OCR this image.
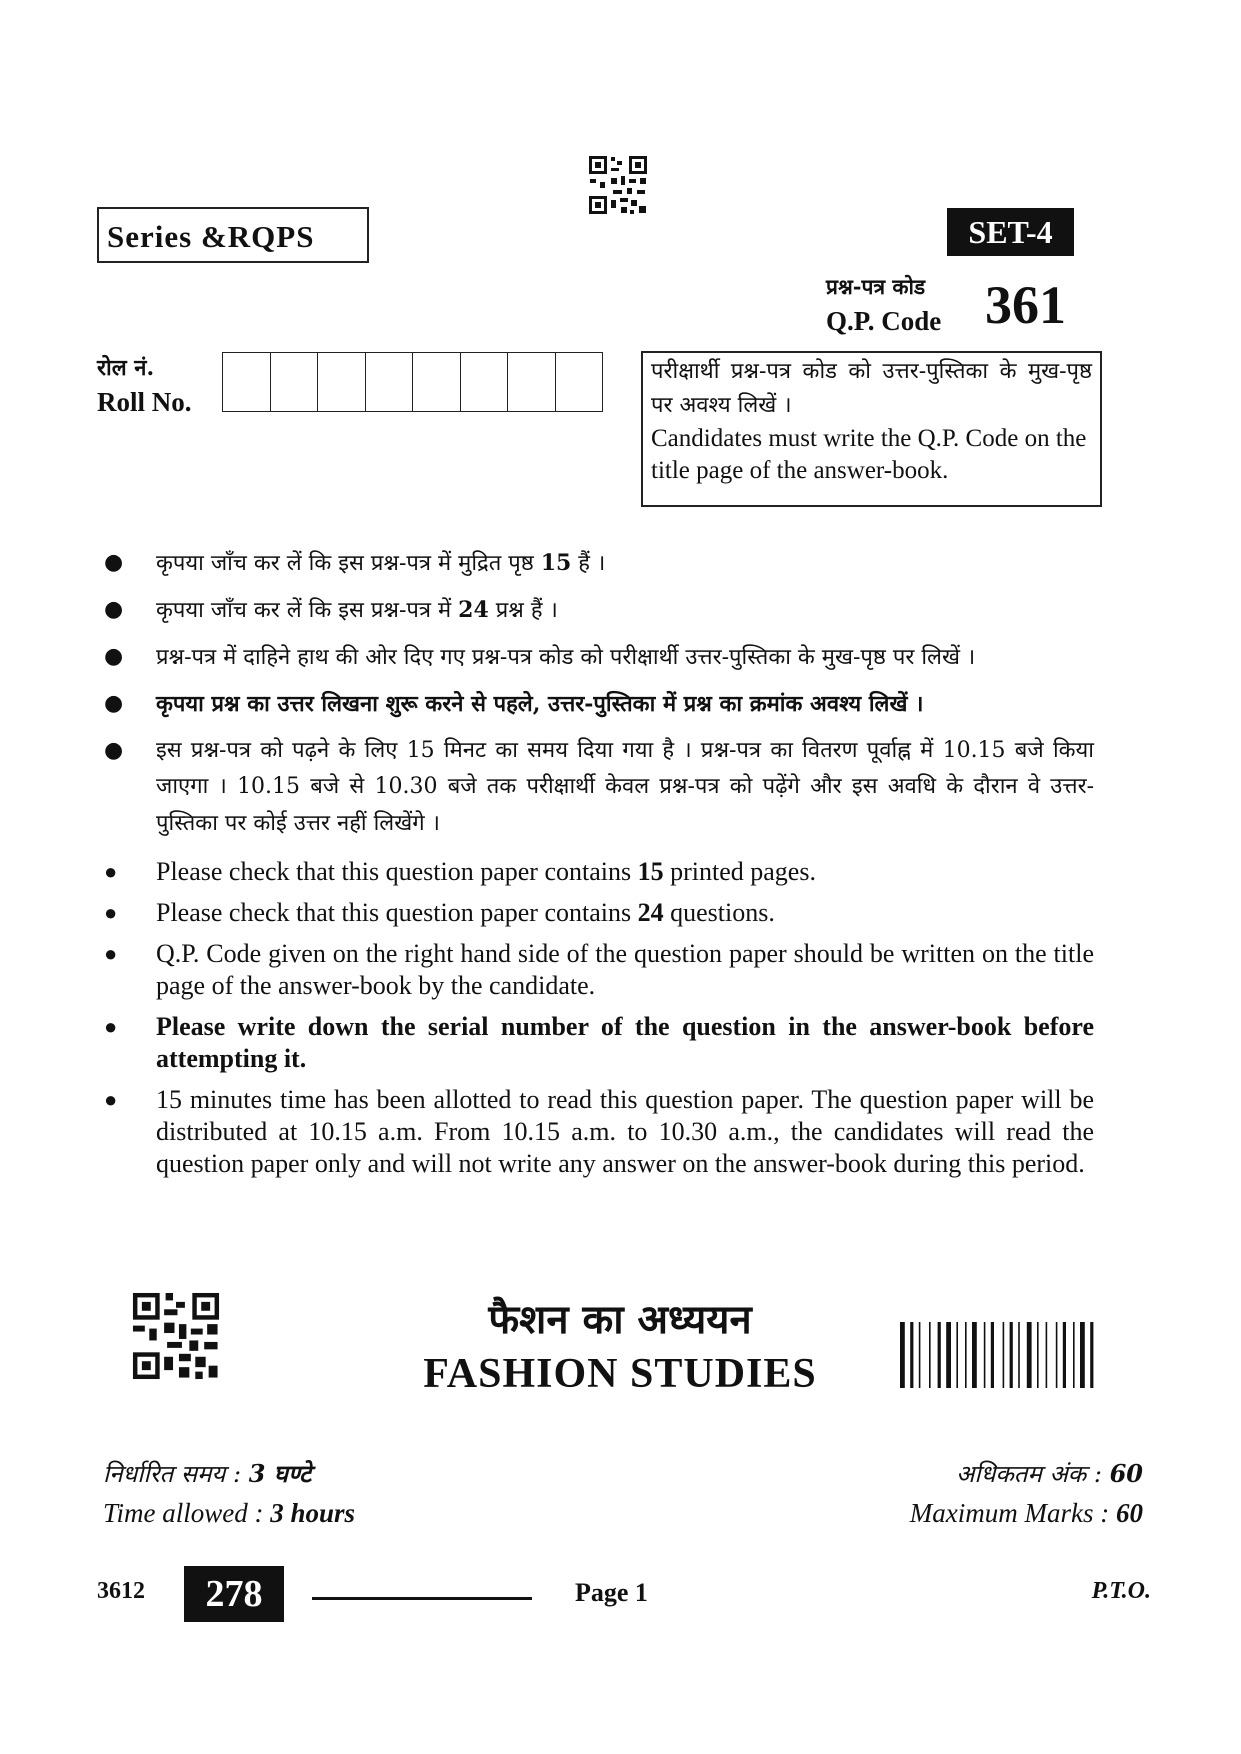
Series &RQPS	SET-4
प्रश्न-पत्र कोड
Q.P. Code 361
रोल नं.
Roll No.
परीक्षार्थी प्रश्न-पत्र कोड को उत्तर-पुस्तिका के मुख-पृष्ठ पर अवश्य लिखें ।
Candidates must write the Q.P. Code on the title page of the answer-book.
●	कृपया जाँच कर लें कि इस प्रश्न-पत्र में मुद्रित पृष्ठ 15 हैं ।
●	कृपया जाँच कर लें कि इस प्रश्न-पत्र में 24 प्रश्न हैं ।
●	प्रश्न-पत्र में दाहिने हाथ की ओर दिए गए प्रश्न-पत्र कोड को परीक्षार्थी उत्तर-पुस्तिका के मुख-पृष्ठ पर लिखें ।
●	कृपया प्रश्न का उत्तर लिखना शुरू करने से पहले, उत्तर-पुस्तिका में प्रश्न का क्रमांक अवश्य लिखें ।
●	इस प्रश्न-पत्र को पढ़ने के लिए 15 मिनट का समय दिया गया है । प्रश्न-पत्र का वितरण पूर्वाह्न में 10.15 बजे किया जाएगा । 10.15 बजे से 10.30 बजे तक परीक्षार्थी केवल प्रश्न-पत्र को पढ़ेंगे और इस अवधि के दौरान वे उत्तर-पुस्तिका पर कोई उत्तर नहीं लिखेंगे ।
●	Please check that this question paper contains 15 printed pages.
●	Please check that this question paper contains 24 questions.
●	Q.P. Code given on the right hand side of the question paper should be written on the title page of the answer-book by the candidate.
●	Please write down the serial number of the question in the answer-book before attempting it.
●	15 minutes time has been allotted to read this question paper. The question paper will be distributed at 10.15 a.m. From 10.15 a.m. to 10.30 a.m., the candidates will read the question paper only and will not write any answer on the answer-book during this period.
फैशन का अध्ययन
FASHION STUDIES
निर्धारित समय : 3 घण्टे
Time allowed : 3 hours
अधिकतम अंक : 60
Maximum Marks : 60
3612	278	Page 1	P.T.O.
